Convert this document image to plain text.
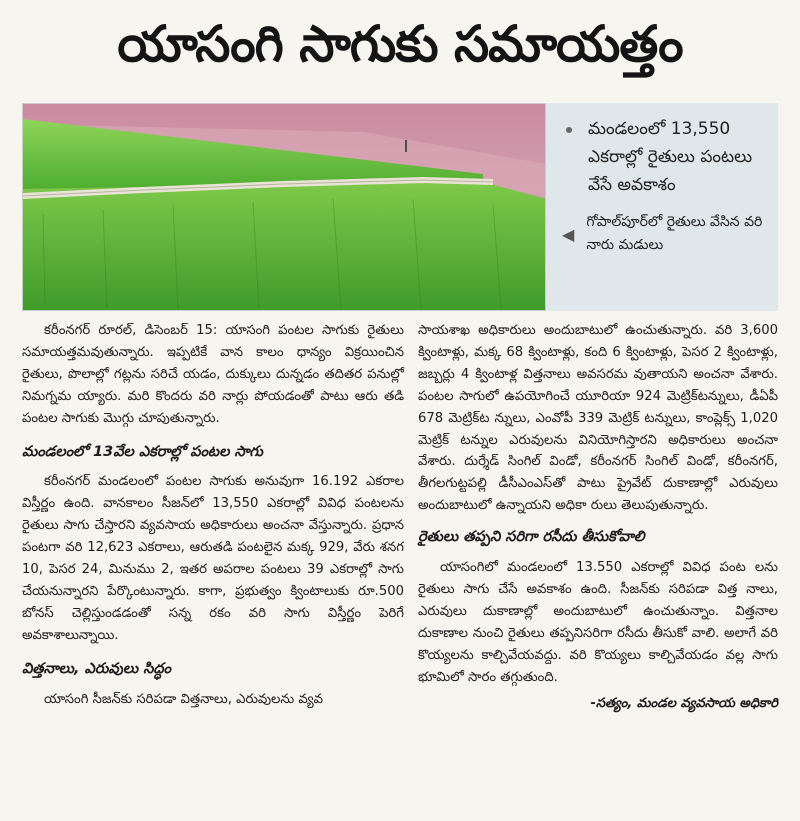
యాసంగి సాగుకు సమాయత్తం
మండలంలో 13,550 ఎకరాల్లో రైతులు పంటలు వేసే అవకాశం
◀
గోపాల్‌పూర్‌లో రైతులు వేసిన వరి నారు మడులు

కరీంనగర్ రూరల్, డిసెంబర్ 15: యాసంగి పంటల సాగుకు రైతులు సమాయత్తమవుతున్నారు. ఇప్పటికే వాన కాలం ధాన్యం విక్రయించిన రైతులు, పొలాల్లో గట్లను సరిచే యడం, దుక్కులు దున్నడం తదితర పనుల్లో నిమగ్నమ య్యారు. మరి కొందరు వరి నార్లు పోయడంతో పాటు ఆరు తడి పంటల సాగుకు మొగ్గు చూపుతున్నారు.

మండలంలో 13వేల ఎకరాల్లో పంటల సాగు

కరీంనగర్ మండలంలో పంటల సాగుకు అనువుగా 16.192 ఎకరాల విస్తీర్ణం ఉంది. వానకాలం సీజన్‌లో 13,550 ఎకరాల్లో వివిధ పంటలను రైతులు సాగు చేస్తారని వ్యవసాయ అధికారులు అంచనా వేస్తున్నారు. ప్రధాన పంటగా వరి 12,623 ఎకరాలు, ఆరుతడి పంటలైన మక్క 929, వేరు శనగ 10, పెసర 24, మినుము 2, ఇతర అపరాల పంటలు 39 ఎకరాల్లో సాగు చేయనున్నారని పేర్కొంటున్నారు. కాగా, ప్రభుత్వం క్వింటాలుకు రూ.500 బోనస్ చెల్లిస్తుండడంతో సన్న రకం వరి సాగు విస్తీర్ణం పెరిగే అవకాశాలున్నాయి.

విత్తనాలు, ఎరువులు సిద్ధం

యాసంగి సీజన్‌కు సరిపడా విత్తనాలు, ఎరువులను వ్యవ

సాయశాఖ అధికారులు అందుబాటులో ఉంచుతున్నారు. వరి 3,600 క్వింటాళ్లు, మక్క 68 క్వింటాళ్లు, కంది 6 క్వింటాళ్లు, పెసర 2 క్వింటాళ్లు, జబ్బర్లు 4 క్వింటాళ్ల విత్తనాలు అవసరమ వుతాయని అంచనా వేశారు. పంటల సాగులో ఉపయోగించే యూరియా 924 మెట్రిక్‌టన్నులు, డీఏపీ 678 మెట్రిక్‌ట న్నులు, ఎంవోపీ 339 మెట్రిక్ టన్నులు, కాంప్లెక్స్ 1,020 మెట్రిక్ టన్నుల ఎరువులను వినియోగిస్తారని అధికారులు అంచనా వేశారు. దుర్శేడ్ సింగిల్ విండో, కరీంనగర్ సింగిల్ విండో, కరీంనగర్, తీగలగుట్టపల్లి డీసీఎంఎస్‌తో పాటు ప్రైవేట్ దుకాణాల్లో ఎరువులు అందుబాటులో ఉన్నాయని అధికా రులు తెలుపుతున్నారు.

రైతులు తప్పని సరిగా రసీదు తీసుకోవాలి

యాసంగిలో మండలంలో 13.550 ఎకరాల్లో వివిధ పంట లను రైతులు సాగు చేసే అవకాశం ఉంది. సీజన్‌కు సరిపడా విత్త నాలు, ఎరువులు దుకాణాల్లో అందుబాటులో ఉంచుతున్నాం. విత్తనాల దుకాణాల నుంచి రైతులు తప్పనిసరిగా రసీదు తీసుకో వాలి. అలాగే వరి కొయ్యలను కాల్చివేయవద్దు. వరి కొయ్యలు కాల్చివేయడం వల్ల సాగు భూమిలో సారం తగ్గుతుంది.

-సత్యం, మండల వ్యవసాయ అధికారి
